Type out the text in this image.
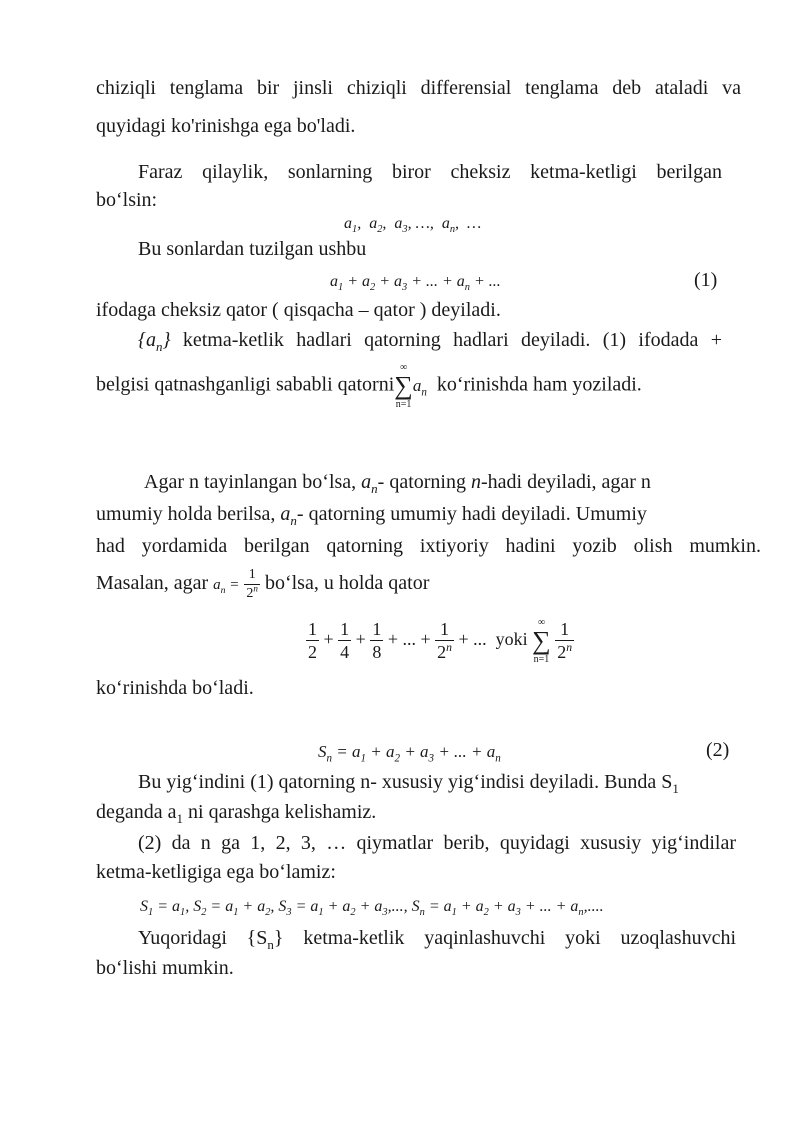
chiziqli tenglama bir jinsli chiziqli differensial tenglama deb ataladi va
quyidagi ko'rinishga ega bo'ladi.
Faraz qilaylik, sonlarning biror cheksiz ketma-ketligi berilgan
bo‘lsin:
$a_1$,  $a_2$,  $a_3$, …,  $a_n$,  …
Bu sonlardan tuzilgan ushbu
$a_1 + a_2 + a_3$ + ... + $a_n$ + ...	(1)
ifodaga cheksiz qator ( qisqacha – qator ) deyiladi.
$\{a_n\}$ ketma-ketlik hadlari qatorning hadlari deyiladi. (1) ifodada +
belgisi qatnashganligi sababli qatorni
∞
∑
n=1
$a_n$ ko‘rinishda ham yoziladi.
Agar n tayinlangan bo‘lsa, $a_n-$ qatorning n-hadi deyiladi, agar n
umumiy holda berilsa, $a_n-$ qatorning umumiy hadi deyiladi. Umumiy
had yordamida berilgan qatorning ixtiyoriy hadini yozib olish mumkin.
Masalan, agar $a_n = \frac{1}{2^n}$ bo‘lsa, u holda qator
$\frac{1}{2} + \frac{1}{4} + \frac{1}{8}$ + ... + $\frac{1}{2^n}$ + ...  yoki
∞
∑
n=1
$\frac{1}{2^n}$
ko‘rinishda bo‘ladi.
$S_n = a_1 + a_2 + a_3$ + ... + $a_n$	(2)
Bu yig‘indini (1) qatorning n- xususiy yig‘indisi deyiladi. Bunda $S_1$
deganda $a_1$ ni qarashga kelishamiz.
(2) da n ga 1, 2, 3, … qiymatlar berib, quyidagi xususiy yig‘indilar
ketma-ketligiga ega bo‘lamiz:
$S_1 = a_1$, $S_2 = a_1 + a_2$, $S_3 = a_1 + a_2 + a_3$,..., $S_n = a_1 + a_2 + a_3$ + ... + $a_n$,....
Yuqoridagi $\{S_n\}$ ketma-ketlik yaqinlashuvchi yoki uzoqlashuvchi
bo‘lishi mumkin.
